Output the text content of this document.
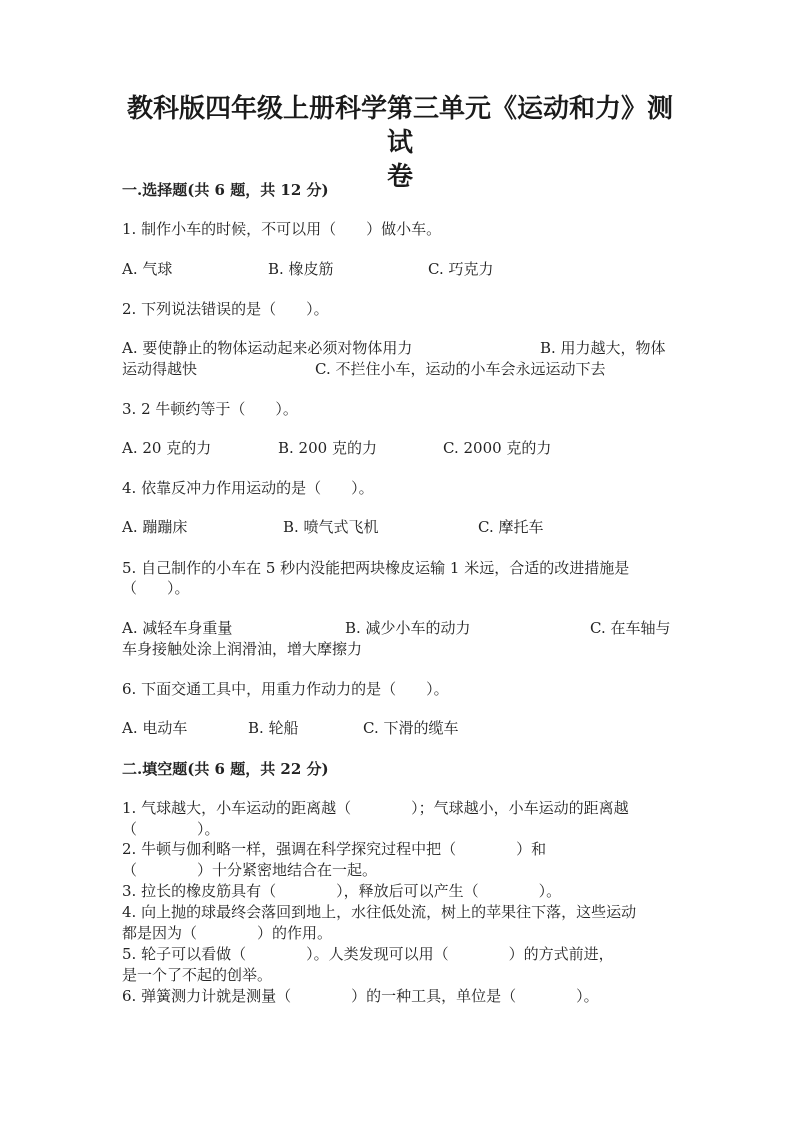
教科版四年级上册科学第三单元《运动和力》测试
卷
一.选择题(共 6 题，共 12 分)
1. 制作小车的时候，不可以用（　　）做小车。
A. 气球	B. 橡皮筋	C. 巧克力
2. 下列说法错误的是（　　）。
A. 要使静止的物体运动起来必须对物体用力	B. 用力越大，物体
运动得越快	C. 不拦住小车，运动的小车会永远运动下去
3. 2 牛顿约等于（　　）。
A. 20 克的力	B. 200 克的力	C. 2000 克的力
4. 依靠反冲力作用运动的是（　　）。
A. 蹦蹦床	B. 喷气式飞机	C. 摩托车
5. 自己制作的小车在 5 秒内没能把两块橡皮运输 1 米远，合适的改进措施是
（　　）。
A. 减轻车身重量	B. 减少小车的动力	C. 在车轴与
车身接触处涂上润滑油，增大摩擦力
6. 下面交通工具中，用重力作动力的是（　　）。
A. 电动车	B. 轮船	C. 下滑的缆车
二.填空题(共 6 题，共 22 分)
1. 气球越大，小车运动的距离越（　　　　）；气球越小，小车运动的距离越
（　　　　）。
2. 牛顿与伽利略一样，强调在科学探究过程中把（　　　　）和
（　　　　）十分紧密地结合在一起。
3. 拉长的橡皮筋具有（　　　　），释放后可以产生（　　　　）。
4. 向上抛的球最终会落回到地上，水往低处流，树上的苹果往下落，这些运动
都是因为（　　　　）的作用。
5. 轮子可以看做（　　　　）。人类发现可以用（　　　　）的方式前进，
是一个了不起的创举。
6. 弹簧测力计就是测量（　　　　）的一种工具，单位是（　　　　）。
